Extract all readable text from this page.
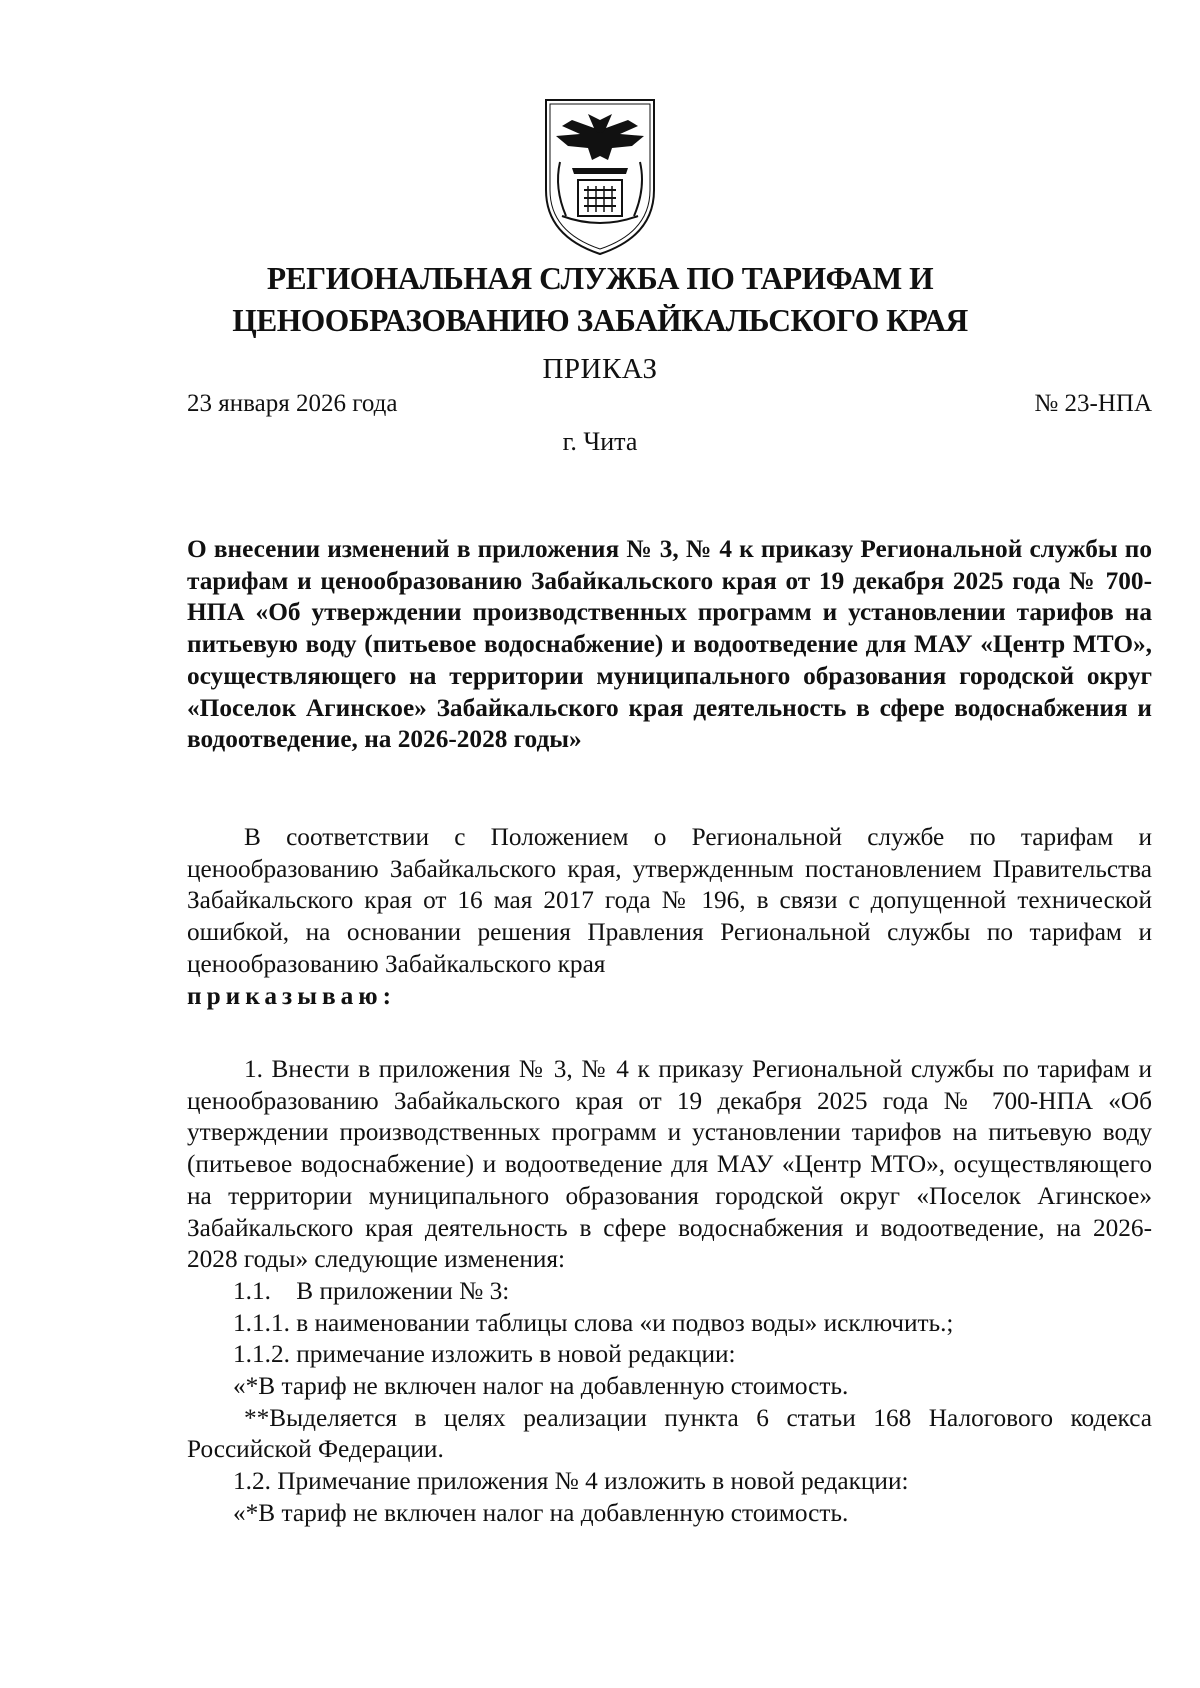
РЕГИОНАЛЬНАЯ СЛУЖБА ПО ТАРИФАМ И
ЦЕНООБРАЗОВАНИЮ ЗАБАЙКАЛЬСКОГО КРАЯ
ПРИКАЗ
23 января 2026 года	№ 23-НПА
г. Чита

О внесении изменений в приложения № 3, № 4 к приказу Региональной службы по тарифам и ценообразованию Забайкальского края от 19 декабря 2025 года № 700-НПА «Об утверждении производственных программ и установлении тарифов на питьевую воду (питьевое водоснабжение) и водоотведение для МАУ «Центр МТО», осуществляющего на территории муниципального образования городской округ «Поселок Агинское» Забайкальского края деятельность в сфере водоснабжения и водоотведение, на 2026-2028 годы»

В соответствии с Положением о Региональной службе по тарифам и ценообразованию Забайкальского края, утвержденным постановлением Правительства Забайкальского края от 16 мая 2017 года № 196, в связи с допущенной технической ошибкой, на основании решения Правления Региональной службы по тарифам и ценообразованию Забайкальского края

приказываю:

1. Внести в приложения № 3, № 4 к приказу Региональной службы по тарифам и ценообразованию Забайкальского края от 19 декабря 2025 года № 700-НПА «Об утверждении производственных программ и установлении тарифов на питьевую воду (питьевое водоснабжение) и водоотведение для МАУ «Центр МТО», осуществляющего на территории муниципального образования городской округ «Поселок Агинское» Забайкальского края деятельность в сфере водоснабжения и водоотведение, на 2026-2028 годы» следующие изменения:

1.1.    В приложении № 3:
1.1.1. в наименовании таблицы слова «и подвоз воды» исключить.;
1.1.2. примечание изложить в новой редакции:
«*В тариф не включен налог на добавленную стоимость.

**Выделяется в целях реализации пункта 6 статьи 168 Налогового кодекса Российской Федерации.

1.2. Примечание приложения № 4 изложить в новой редакции:
«*В тариф не включен налог на добавленную стоимость.
